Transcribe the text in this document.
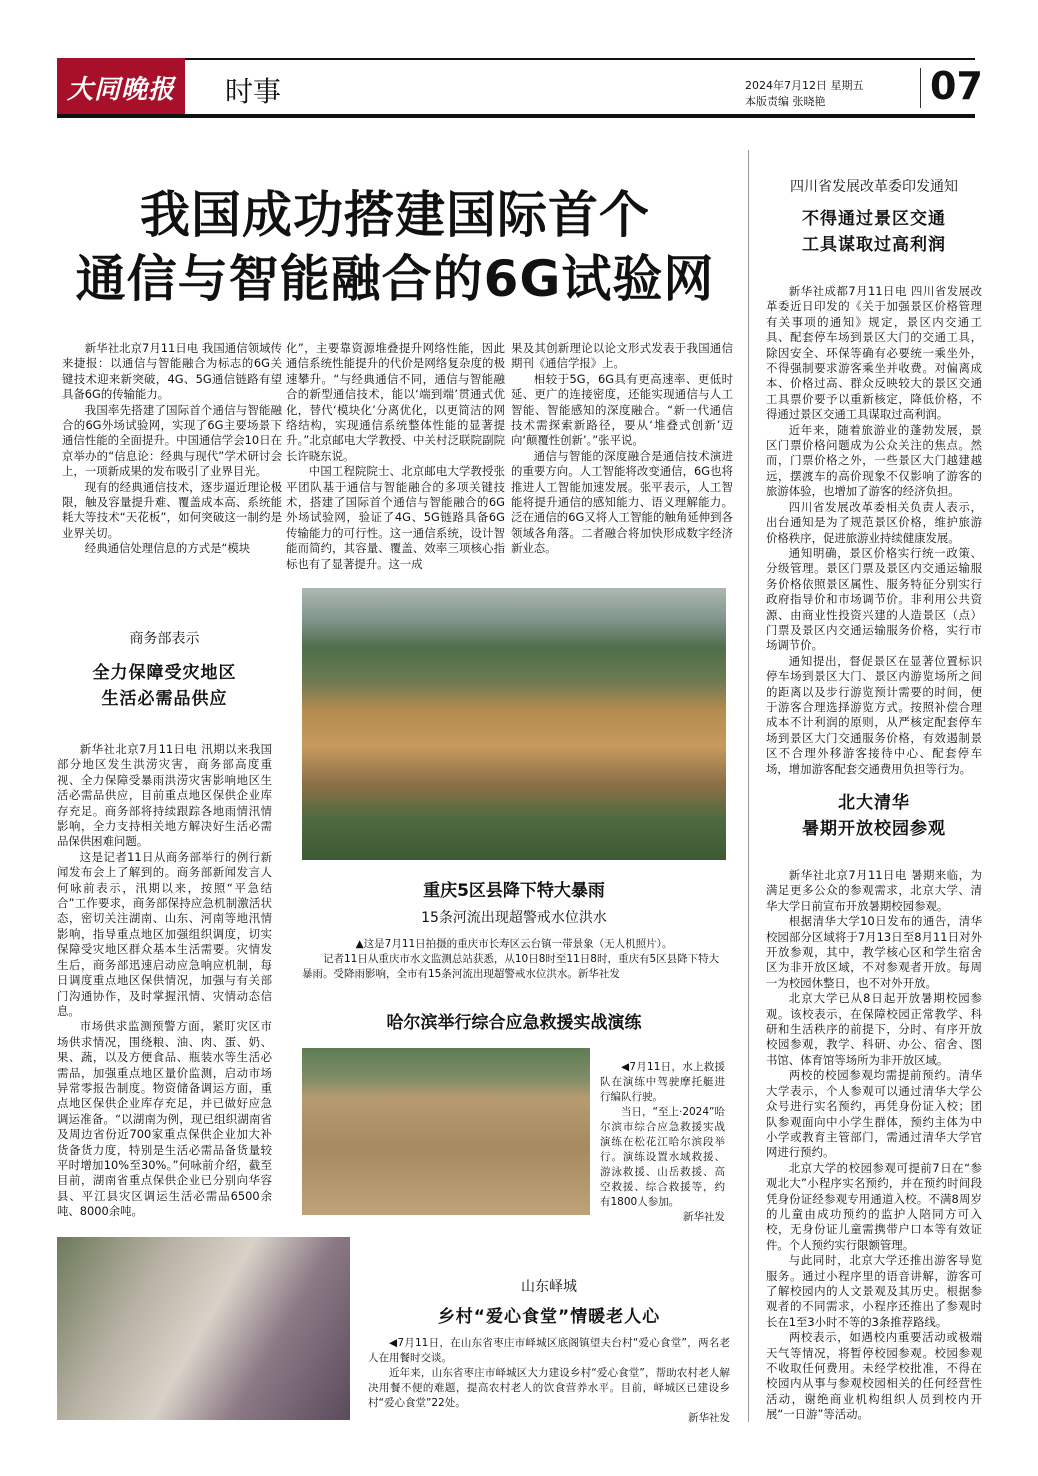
大同晚报	时事	2024年7月12日 星期五
本版责编 张晓艳	07
我国成功搭建国际首个
通信与智能融合的6G试验网

新华社北京7月11日电 我国通信领域传来捷报：以通信与智能融合为标志的6G关键技术迎来新突破，4G、5G通信链路有望具备6G的传输能力。

我国率先搭建了国际首个通信与智能融合的6G外场试验网，实现了6G主要场景下通信性能的全面提升。中国通信学会10日在京举办的“信息论：经典与现代”学术研讨会上，一项新成果的发布吸引了业界目光。

现有的经典通信技术，逐步逼近理论极限，触及容量提升难、覆盖成本高、系统能耗大等技术“天花板”，如何突破这一制约是业界关切。

经典通信处理信息的方式是“模块

化”，主要靠资源堆叠提升网络性能，因此通信系统性能提升的代价是网络复杂度的极速攀升。“与经典通信不同，通信与智能融合的新型通信技术，能以‘端到端’贯通式优化，替代‘模块化’分离优化，以更简洁的网络结构，实现通信系统整体性能的显著提升。”北京邮电大学教授、中关村泛联院副院长许晓东说。

中国工程院院士、北京邮电大学教授张平团队基于通信与智能融合的多项关键技术，搭建了国际首个通信与智能融合的6G外场试验网，验证了4G、5G链路具备6G传输能力的可行性。这一通信系统，设计智能而简约，其容量、覆盖、效率三项核心指标也有了显著提升。这一成

果及其创新理论以论文形式发表于我国通信期刊《通信学报》上。

相较于5G，6G具有更高速率、更低时延、更广的连接密度，还能实现通信与人工智能、智能感知的深度融合。“新一代通信技术需探索新路径，要从‘堆叠式创新’迈向‘颠覆性创新’。”张平说。

通信与智能的深度融合是通信技术演进的重要方向。人工智能将改变通信，6G也将推进人工智能加速发展。张平表示，人工智能将提升通信的感知能力、语义理解能力。泛在通信的6G又将人工智能的触角延伸到各领域各角落。二者融合将加快形成数字经济新业态。

商务部表示
全力保障受灾地区
生活必需品供应

新华社北京7月11日电 汛期以来我国部分地区发生洪涝灾害，商务部高度重视、全力保障受暴雨洪涝灾害影响地区生活必需品供应，目前重点地区保供企业库存充足。商务部将持续跟踪各地雨情汛情影响，全力支持相关地方解决好生活必需品保供困难问题。

这是记者11日从商务部举行的例行新闻发布会上了解到的。商务部新闻发言人何咏前表示，汛期以来，按照“平急结合”工作要求，商务部保持应急机制激活状态，密切关注湖南、山东、河南等地汛情影响，指导重点地区加强组织调度，切实保障受灾地区群众基本生活需要。灾情发生后，商务部迅速启动应急响应机制，每日调度重点地区保供情况，加强与有关部门沟通协作，及时掌握汛情、灾情动态信息。

市场供求监测预警方面，紧盯灾区市场供求情况，围绕粮、油、肉、蛋、奶、果、蔬，以及方便食品、瓶装水等生活必需品，加强重点地区量价监测，启动市场异常零报告制度。物资储备调运方面，重点地区保供企业库存充足，并已做好应急调运准备。“以湖南为例，现已组织湖南省及周边省份近700家重点保供企业加大补货备货力度，特别是生活必需品备货量较平时增加10%至30%。”何咏前介绍，截至目前，湖南省重点保供企业已分别向华容县、平江县灾区调运生活必需品6500余吨、8000余吨。

重庆5区县降下特大暴雨
15条河流出现超警戒水位洪水
▲这是7月11日拍摄的重庆市长寿区云台镇一带景象（无人机照片）。

记者11日从重庆市水文监测总站获悉，从10日8时至11日8时，重庆有5区县降下特大暴雨。受降雨影响，全市有15条河流出现超警戒水位洪水。新华社发

哈尔滨举行综合应急救援实战演练

◀7月11日，水上救援队在演练中驾驶摩托艇进行编队行驶。

当日，“至上·2024”哈尔滨市综合应急救援实战演练在松花江哈尔滨段举行。演练设置水域救援、游泳救援、山岳救援、高空救援、综合救援等，约有1800人参加。

新华社发
山东峄城
乡村“爱心食堂”情暖老人心

◀7月11日，在山东省枣庄市峄城区底阁镇望夫台村“爱心食堂”，两名老人在用餐时交谈。

近年来，山东省枣庄市峄城区大力建设乡村“爱心食堂”，帮助农村老人解决用餐不便的难题，提高农村老人的饮食营养水平。目前，峄城区已建设乡村“爱心食堂”22处。

新华社发
四川省发展改革委印发通知
不得通过景区交通
工具谋取过高利润

新华社成都7月11日电 四川省发展改革委近日印发的《关于加强景区价格管理有关事项的通知》规定，景区内交通工具、配套停车场到景区大门的交通工具，除因安全、环保等确有必要统一乘坐外，不得强制要求游客乘坐并收费。对偏离成本、价格过高、群众反映较大的景区交通工具票价要予以重新核定，降低价格，不得通过景区交通工具谋取过高利润。

近年来，随着旅游业的蓬勃发展，景区门票价格问题成为公众关注的焦点。然而，门票价格之外，一些景区大门越建越远，摆渡车的高价现象不仅影响了游客的旅游体验，也增加了游客的经济负担。

四川省发展改革委相关负责人表示，出台通知是为了规范景区价格，维护旅游价格秩序，促进旅游业持续健康发展。

通知明确，景区价格实行统一政策、分级管理。景区门票及景区内交通运输服务价格依照景区属性、服务特征分别实行政府指导价和市场调节价。非利用公共资源、由商业性投资兴建的人造景区（点）门票及景区内交通运输服务价格，实行市场调节价。

通知提出，督促景区在显著位置标识停车场到景区大门、景区内游览场所之间的距离以及步行游览预计需要的时间，便于游客合理选择游览方式。按照补偿合理成本不计利润的原则，从严核定配套停车场到景区大门交通服务价格，有效遏制景区不合理外移游客接待中心、配套停车场，增加游客配套交通费用负担等行为。

北大清华
暑期开放校园参观

新华社北京7月11日电 暑期来临，为满足更多公众的参观需求，北京大学、清华大学日前宣布开放暑期校园参观。

根据清华大学10日发布的通告，清华校园部分区域将于7月13日至8月11日对外开放参观，其中，教学核心区和学生宿舍区为非开放区域，不对参观者开放。每周一为校园休整日，也不对外开放。

北京大学已从8日起开放暑期校园参观。该校表示，在保障校园正常教学、科研和生活秩序的前提下，分时、有序开放校园参观，教学、科研、办公、宿舍、图书馆、体育馆等场所为非开放区域。

两校的校园参观均需提前预约。清华大学表示，个人参观可以通过清华大学公众号进行实名预约，再凭身份证入校；团队参观面向中小学生群体，预约主体为中小学或教育主管部门，需通过清华大学官网进行预约。

北京大学的校园参观可提前7日在“参观北大”小程序实名预约，并在预约时间段凭身份证经参观专用通道入校。不满8周岁的儿童由成功预约的监护人陪同方可入校，无身份证儿童需携带户口本等有效证件。个人预约实行限额管理。

与此同时，北京大学还推出游客导览服务。通过小程序里的语音讲解，游客可了解校园内的人文景观及其历史。根据参观者的不同需求，小程序还推出了参观时长在1至3小时不等的3条推荐路线。

两校表示，如遇校内重要活动或极端天气等情况，将暂停校园参观。校园参观不收取任何费用。未经学校批准，不得在校园内从事与参观校园相关的任何经营性活动，谢绝商业机构组织人员到校内开展“一日游”等活动。
